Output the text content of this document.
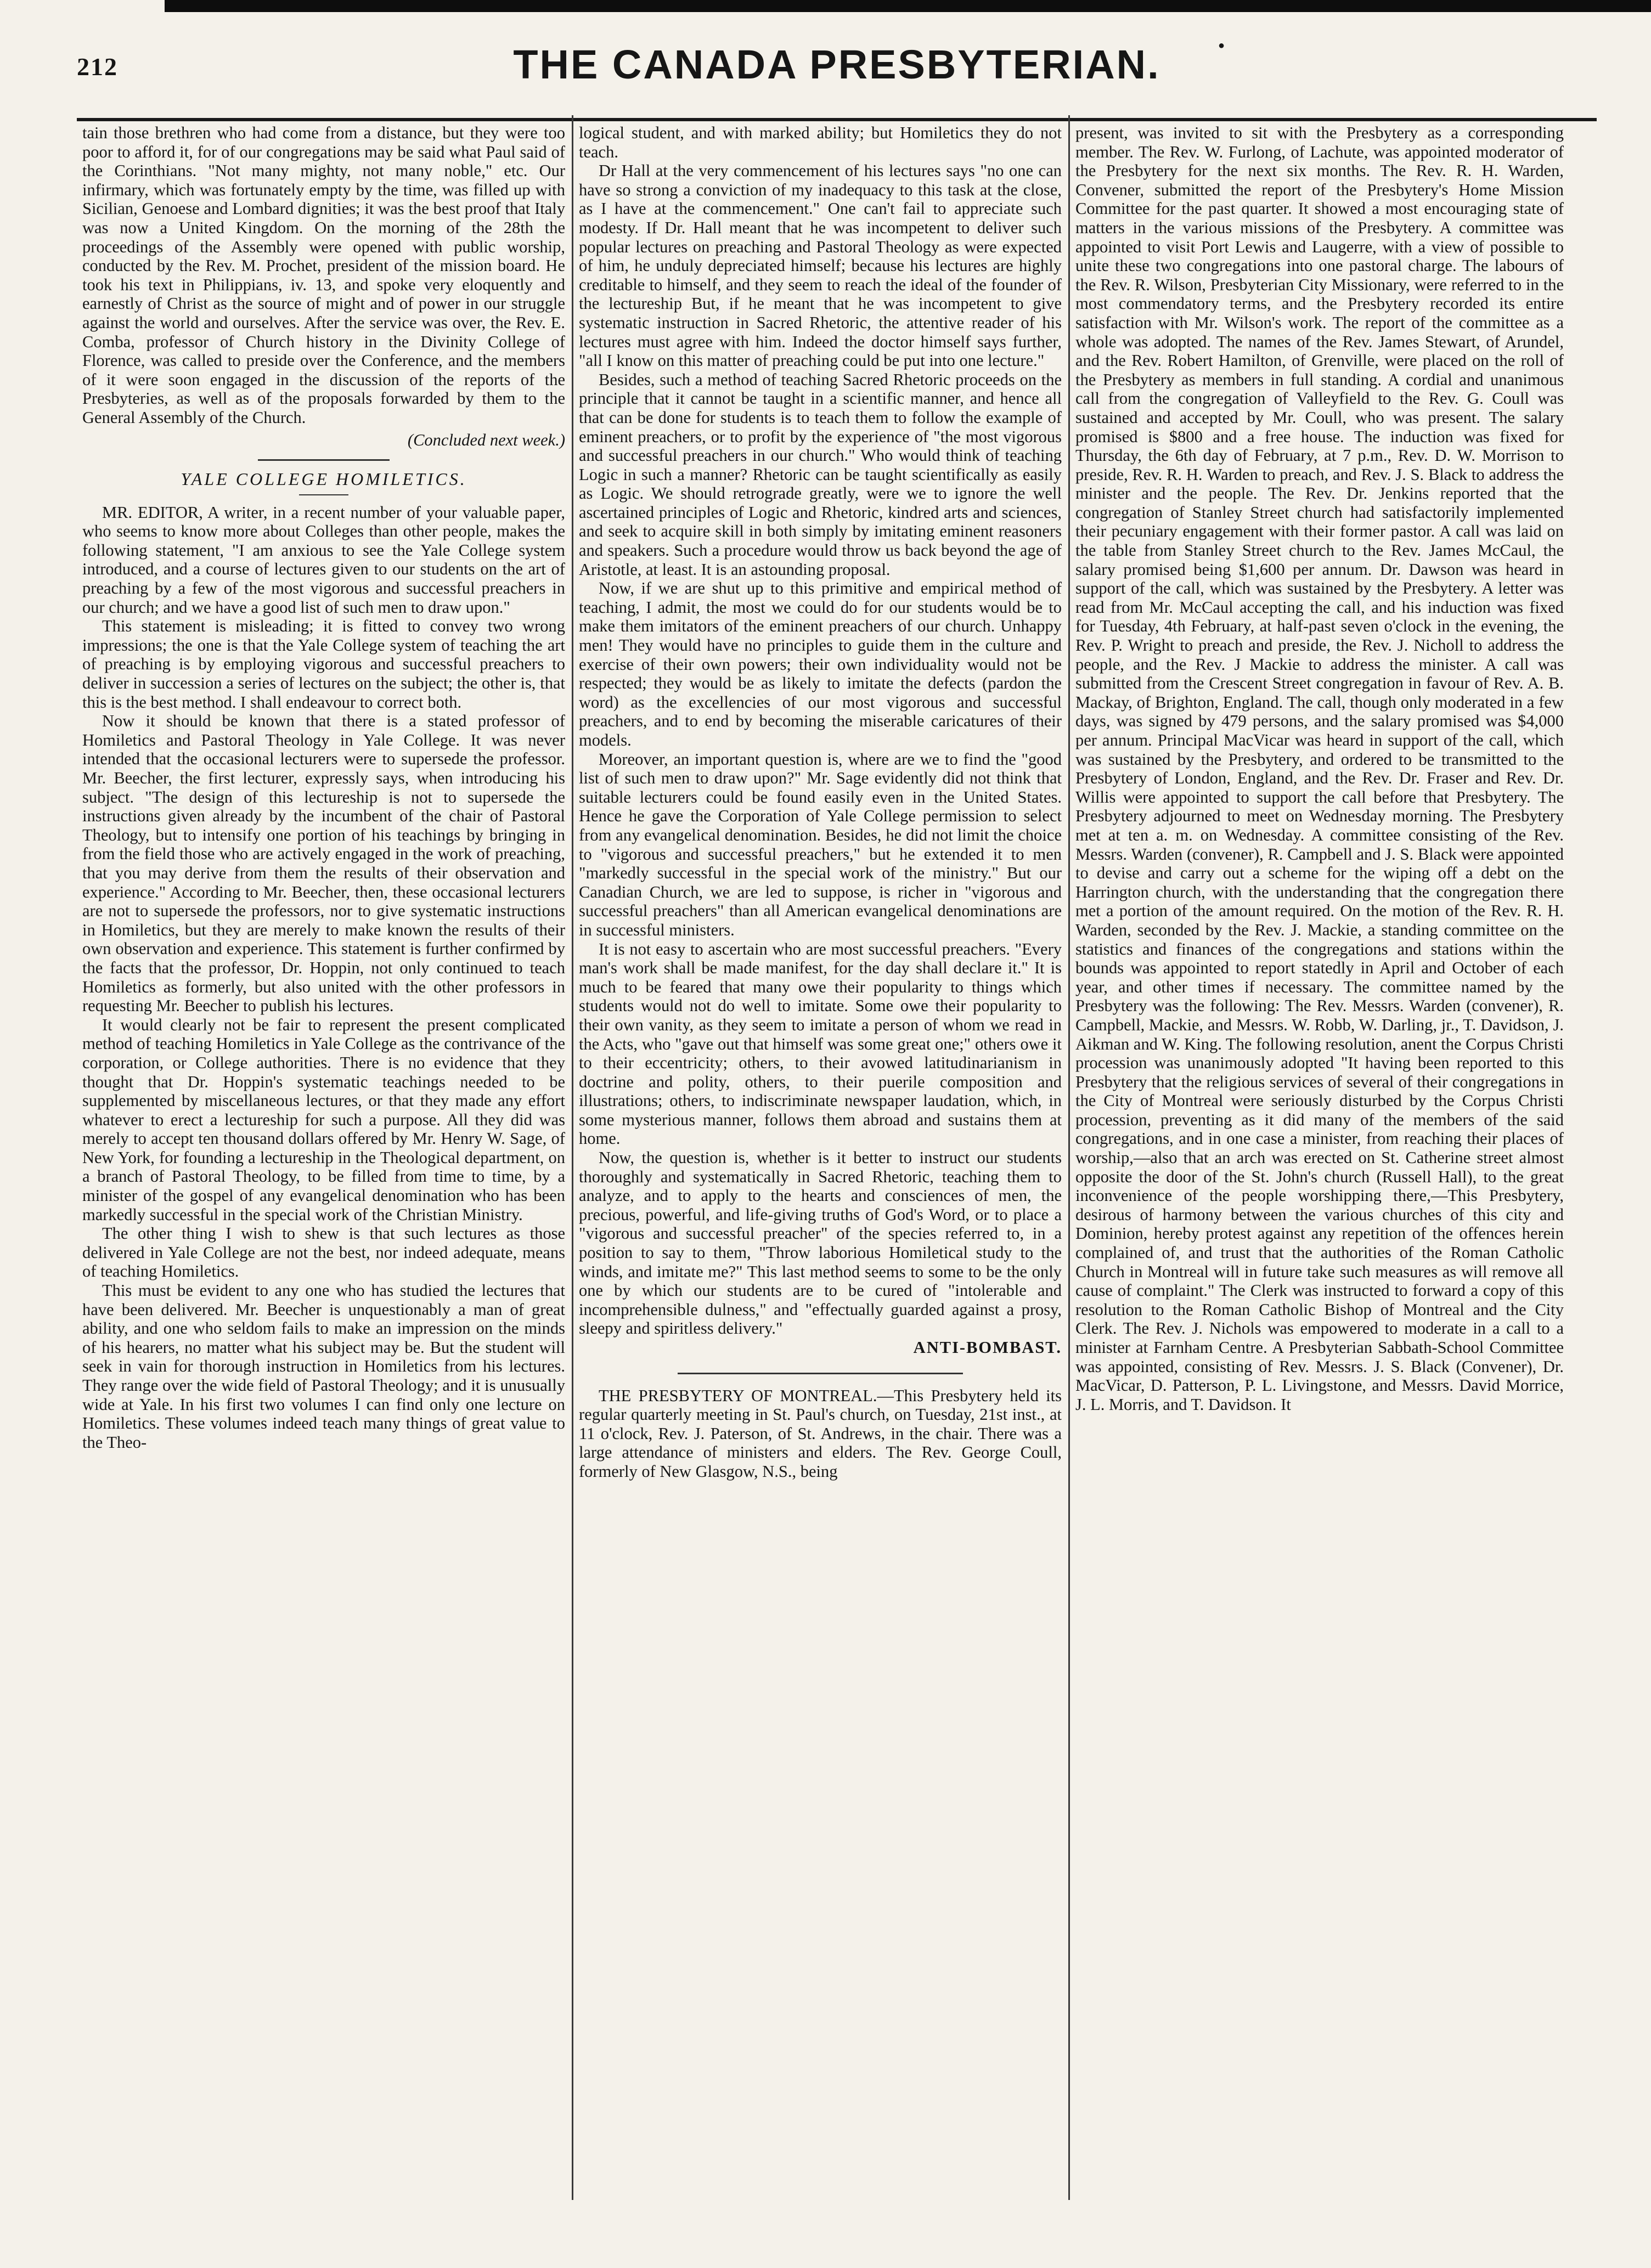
●
212	THE CANADA PRESBYTERIAN.

tain those brethren who had come from a distance, but they were too poor to afford it, for of our congregations may be said what Paul said of the Corinthians. "Not many mighty, not many noble," etc. Our infirmary, which was fortunately empty by the time, was filled up with Sicilian, Genoese and Lombard dignities; it was the best proof that Italy was now a United Kingdom. On the morning of the 28th the proceedings of the Assembly were opened with public worship, conducted by the Rev. M. Prochet, president of the mission board. He took his text in Philippians, iv. 13, and spoke very eloquently and earnestly of Christ as the source of might and of power in our struggle against the world and ourselves. After the service was over, the Rev. E. Comba, professor of Church history in the Divinity College of Florence, was called to preside over the Conference, and the members of it were soon engaged in the discussion of the reports of the Presbyteries, as well as of the proposals forwarded by them to the General Assembly of the Church.

(Concluded next week.)

YALE COLLEGE HOMILETICS.

MR. EDITOR, A writer, in a recent number of your valuable paper, who seems to know more about Colleges than other people, makes the following statement, "I am anxious to see the Yale College system introduced, and a course of lectures given to our students on the art of preaching by a few of the most vigorous and successful preachers in our church; and we have a good list of such men to draw upon."

This statement is misleading; it is fitted to convey two wrong impressions; the one is that the Yale College system of teaching the art of preaching is by employing vigorous and successful preachers to deliver in succession a series of lectures on the subject; the other is, that this is the best method. I shall endeavour to correct both.

Now it should be known that there is a stated professor of Homiletics and Pastoral Theology in Yale College. It was never intended that the occasional lecturers were to supersede the professor. Mr. Beecher, the first lecturer, expressly says, when introducing his subject. "The design of this lectureship is not to supersede the instructions given already by the incumbent of the chair of Pastoral Theology, but to intensify one portion of his teachings by bringing in from the field those who are actively engaged in the work of preaching, that you may derive from them the results of their observation and experience." According to Mr. Beecher, then, these occasional lecturers are not to supersede the professors, nor to give systematic instructions in Homiletics, but they are merely to make known the results of their own observation and experience. This statement is further confirmed by the facts that the professor, Dr. Hoppin, not only continued to teach Homiletics as formerly, but also united with the other professors in requesting Mr. Beecher to publish his lectures.

It would clearly not be fair to represent the present complicated method of teaching Homiletics in Yale College as the contrivance of the corporation, or College authorities. There is no evidence that they thought that Dr. Hoppin's systematic teachings needed to be supplemented by miscellaneous lectures, or that they made any effort whatever to erect a lectureship for such a purpose. All they did was merely to accept ten thousand dollars offered by Mr. Henry W. Sage, of New York, for founding a lectureship in the Theological department, on a branch of Pastoral Theology, to be filled from time to time, by a minister of the gospel of any evangelical denomination who has been markedly successful in the special work of the Christian Ministry.

The other thing I wish to shew is that such lectures as those delivered in Yale College are not the best, nor indeed adequate, means of teaching Homiletics.

This must be evident to any one who has studied the lectures that have been delivered. Mr. Beecher is unquestionably a man of great ability, and one who seldom fails to make an impression on the minds of his hearers, no matter what his subject may be. But the student will seek in vain for thorough instruction in Homiletics from his lectures. They range over the wide field of Pastoral Theology; and it is unusually wide at Yale. In his first two volumes I can find only one lecture on Homiletics. These volumes indeed teach many things of great value to the Theo-

logical student, and with marked ability; but Homiletics they do not teach.

Dr Hall at the very commencement of his lectures says "no one can have so strong a conviction of my inadequacy to this task at the close, as I have at the commencement." One can't fail to appreciate such modesty. If Dr. Hall meant that he was incompetent to deliver such popular lectures on preaching and Pastoral Theology as were expected of him, he unduly depreciated himself; because his lectures are highly creditable to himself, and they seem to reach the ideal of the founder of the lectureship But, if he meant that he was incompetent to give systematic instruction in Sacred Rhetoric, the attentive reader of his lectures must agree with him. Indeed the doctor himself says further, "all I know on this matter of preaching could be put into one lecture."

Besides, such a method of teaching Sacred Rhetoric proceeds on the principle that it cannot be taught in a scientific manner, and hence all that can be done for students is to teach them to follow the example of eminent preachers, or to profit by the experience of "the most vigorous and successful preachers in our church." Who would think of teaching Logic in such a manner? Rhetoric can be taught scientifically as easily as Logic. We should retrograde greatly, were we to ignore the well ascertained principles of Logic and Rhetoric, kindred arts and sciences, and seek to acquire skill in both simply by imitating eminent reasoners and speakers. Such a procedure would throw us back beyond the age of Aristotle, at least. It is an astounding proposal.

Now, if we are shut up to this primitive and empirical method of teaching, I admit, the most we could do for our students would be to make them imitators of the eminent preachers of our church. Unhappy men! They would have no principles to guide them in the culture and exercise of their own powers; their own individuality would not be respected; they would be as likely to imitate the defects (pardon the word) as the excellencies of our most vigorous and successful preachers, and to end by becoming the miserable caricatures of their models.

Moreover, an important question is, where are we to find the "good list of such men to draw upon?" Mr. Sage evidently did not think that suitable lecturers could be found easily even in the United States. Hence he gave the Corporation of Yale College permission to select from any evangelical denomination. Besides, he did not limit the choice to "vigorous and successful preachers," but he extended it to men "markedly successful in the special work of the ministry." But our Canadian Church, we are led to suppose, is richer in "vigorous and successful preachers" than all American evangelical denominations are in successful ministers.

It is not easy to ascertain who are most successful preachers. "Every man's work shall be made manifest, for the day shall declare it." It is much to be feared that many owe their popularity to things which students would not do well to imitate. Some owe their popularity to their own vanity, as they seem to imitate a person of whom we read in the Acts, who "gave out that himself was some great one;" others owe it to their eccentricity; others, to their avowed latitudinarianism in doctrine and polity, others, to their puerile composition and illustrations; others, to indiscriminate newspaper laudation, which, in some mysterious manner, follows them abroad and sustains them at home.

Now, the question is, whether is it better to instruct our students thoroughly and systematically in Sacred Rhetoric, teaching them to analyze, and to apply to the hearts and consciences of men, the precious, powerful, and life-giving truths of God's Word, or to place a "vigorous and successful preacher" of the species referred to, in a position to say to them, "Throw laborious Homiletical study to the winds, and imitate me?" This last method seems to some to be the only one by which our students are to be cured of "intolerable and incomprehensible dulness," and "effectually guarded against a prosy, sleepy and spiritless delivery."

ANTI-BOMBAST.

THE PRESBYTERY OF MONTREAL.—This Presbytery held its regular quarterly meeting in St. Paul's church, on Tuesday, 21st inst., at 11 o'clock, Rev. J. Paterson, of St. Andrews, in the chair. There was a large attendance of ministers and elders. The Rev. George Coull, formerly of New Glasgow, N.S., being

present, was invited to sit with the Presbytery as a corresponding member. The Rev. W. Furlong, of Lachute, was appointed moderator of the Presbytery for the next six months. The Rev. R. H. Warden, Convener, submitted the report of the Presbytery's Home Mission Committee for the past quarter. It showed a most encouraging state of matters in the various missions of the Presbytery. A committee was appointed to visit Port Lewis and Laugerre, with a view of possible to unite these two congregations into one pastoral charge. The labours of the Rev. R. Wilson, Presbyterian City Missionary, were referred to in the most commendatory terms, and the Presbytery recorded its entire satisfaction with Mr. Wilson's work. The report of the committee as a whole was adopted. The names of the Rev. James Stewart, of Arundel, and the Rev. Robert Hamilton, of Grenville, were placed on the roll of the Presbytery as members in full standing. A cordial and unanimous call from the congregation of Valleyfield to the Rev. G. Coull was sustained and accepted by Mr. Coull, who was present. The salary promised is $800 and a free house. The induction was fixed for Thursday, the 6th day of February, at 7 p.m., Rev. D. W. Morrison to preside, Rev. R. H. Warden to preach, and Rev. J. S. Black to address the minister and the people. The Rev. Dr. Jenkins reported that the congregation of Stanley Street church had satisfactorily implemented their pecuniary engagement with their former pastor. A call was laid on the table from Stanley Street church to the Rev. James McCaul, the salary promised being $1,600 per annum. Dr. Dawson was heard in support of the call, which was sustained by the Presbytery. A letter was read from Mr. McCaul accepting the call, and his induction was fixed for Tuesday, 4th February, at half-past seven o'clock in the evening, the Rev. P. Wright to preach and preside, the Rev. J. Nicholl to address the people, and the Rev. J Mackie to address the minister. A call was submitted from the Crescent Street congregation in favour of Rev. A. B. Mackay, of Brighton, England. The call, though only moderated in a few days, was signed by 479 persons, and the salary promised was $4,000 per annum. Principal MacVicar was heard in support of the call, which was sustained by the Presbytery, and ordered to be transmitted to the Presbytery of London, England, and the Rev. Dr. Fraser and Rev. Dr. Willis were appointed to support the call before that Presbytery. The Presbytery adjourned to meet on Wednesday morning. The Presbytery met at ten a. m. on Wednesday. A committee consisting of the Rev. Messrs. Warden (convener), R. Campbell and J. S. Black were appointed to devise and carry out a scheme for the wiping off a debt on the Harrington church, with the understanding that the congregation there met a portion of the amount required. On the motion of the Rev. R. H. Warden, seconded by the Rev. J. Mackie, a standing committee on the statistics and finances of the congregations and stations within the bounds was appointed to report statedly in April and October of each year, and other times if necessary. The committee named by the Presbytery was the following: The Rev. Messrs. Warden (convener), R. Campbell, Mackie, and Messrs. W. Robb, W. Darling, jr., T. Davidson, J. Aikman and W. King. The following resolution, anent the Corpus Christi procession was unanimously adopted "It having been reported to this Presbytery that the religious services of several of their congregations in the City of Montreal were seriously disturbed by the Corpus Christi procession, preventing as it did many of the members of the said congregations, and in one case a minister, from reaching their places of worship,—also that an arch was erected on St. Catherine street almost opposite the door of the St. John's church (Russell Hall), to the great inconvenience of the people worshipping there,—This Presbytery, desirous of harmony between the various churches of this city and Dominion, hereby protest against any repetition of the offences herein complained of, and trust that the authorities of the Roman Catholic Church in Montreal will in future take such measures as will remove all cause of complaint." The Clerk was instructed to forward a copy of this resolution to the Roman Catholic Bishop of Montreal and the City Clerk. The Rev. J. Nichols was empowered to moderate in a call to a minister at Farnham Centre. A Presbyterian Sabbath-School Committee was appointed, consisting of Rev. Messrs. J. S. Black (Convener), Dr. MacVicar, D. Patterson, P. L. Livingstone, and Messrs. David Morrice, J. L. Morris, and T. Davidson. It
